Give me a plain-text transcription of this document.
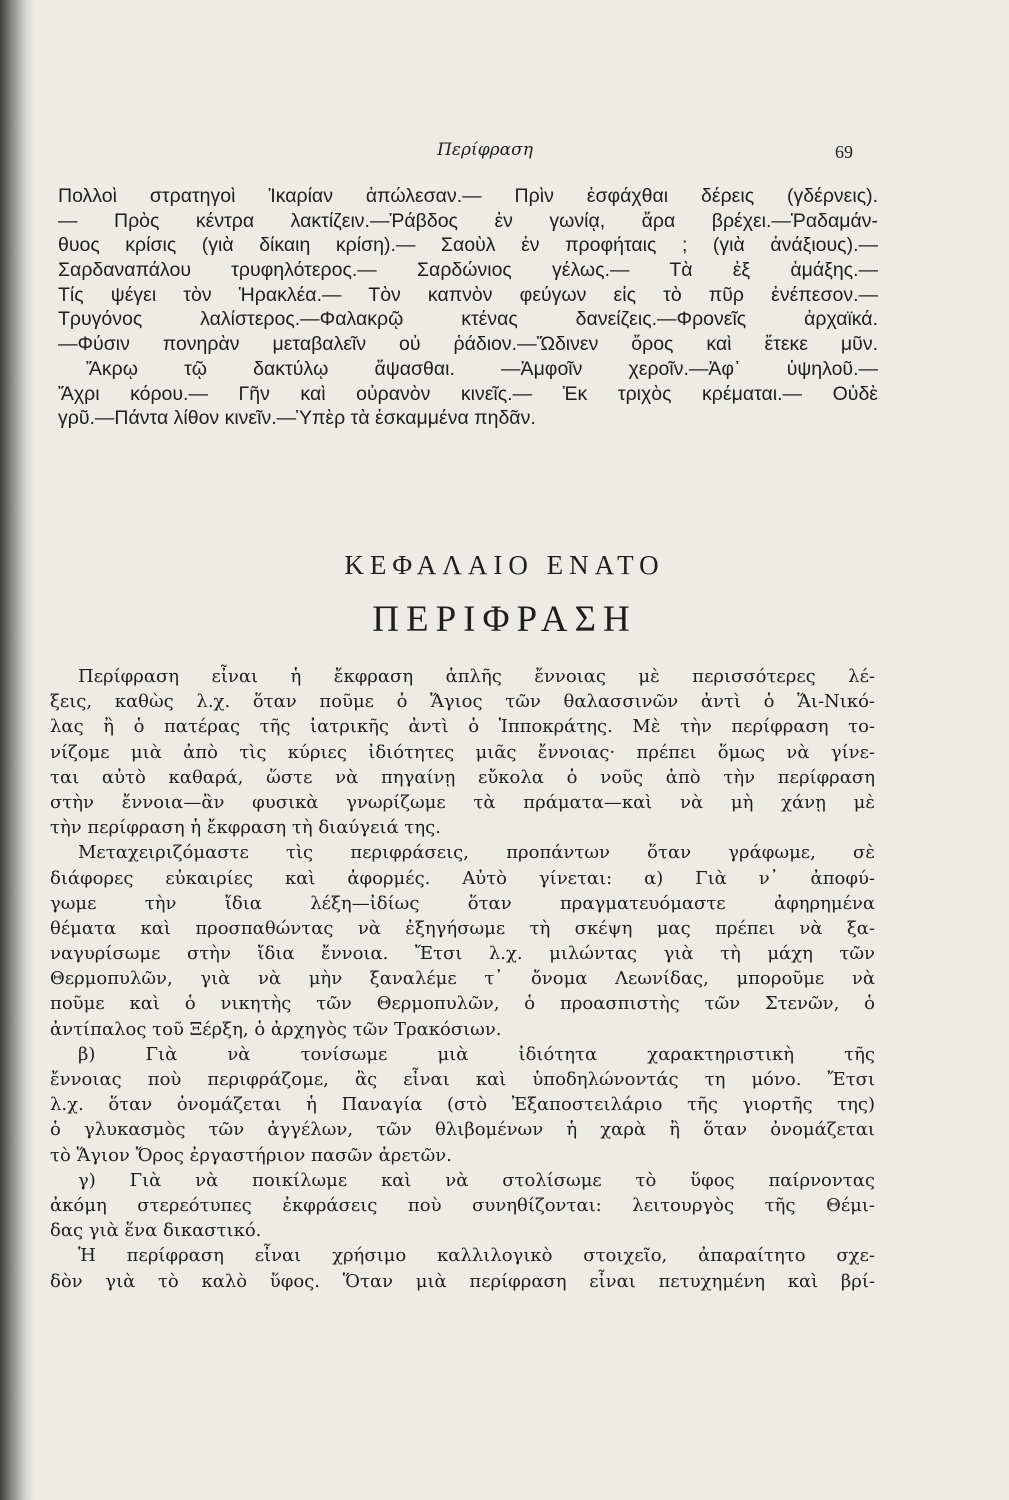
Περίφραση	69
Πολλοὶ στρατηγοὶ Ἰκαρίαν ἀπώλεσαν.— Πρὶν ἐσφάχθαι δέρεις (γδέρνεις).
— Πρὸς κέντρα λακτίζειν.—Ῥάβδος ἐν γωνίᾳ, ἄρα βρέχει.—Ῥαδαμάν-
θυος κρίσις (γιὰ δίκαιη κρίση).— Σαοὺλ ἐν προφήταις ; (γιὰ ἀνάξιους).—
Σαρδαναπάλου τρυφηλότερος.— Σαρδώνιος γέλως.— Τὰ ἐξ ἁμάξης.—
Τίς ψέγει τὸν Ἡρακλέα.— Τὸν καπνὸν φεύγων εἰς τὸ πῦρ ἐνέπεσον.—
Τρυγόνος λαλίστερος.—Φαλακρῷ κτένας δανείζεις.—Φρονεῖς ἀρχαϊκά.
—Φύσιν πονηρὰν μεταβαλεῖν οὐ ῥάδιον.—Ὤδινεν ὄρος καὶ ἔτεκε μῦν.
Ἄκρῳ τῷ δακτύλῳ ἅψασθαι. —Ἀμφοῖν χεροῖν.—Ἀφ᾽ ὑψηλοῦ.—
Ἄχρι κόρου.— Γῆν καὶ οὐρανὸν κινεῖς.— Ἐκ τριχὸς κρέμαται.— Οὐδὲ
γρῦ.—Πάντα λίθον κινεῖν.—Ὑπὲρ τὰ ἐσκαμμένα πηδᾶν.
ΚΕΦΑΛΑΙΟ ΕΝΑΤΟ
ΠΕΡΙΦΡΑΣΗ
Περίφραση εἶναι ἡ ἔκφραση ἁπλῆς ἔννοιας μὲ περισσότερες λέ-
ξεις, καθὼς λ.χ. ὅταν ποῦμε ὁ Ἅγιος τῶν θαλασσινῶν ἀντὶ ὁ Ἅι-Νικό-
λας ἢ ὁ πατέρας τῆς ἰατρικῆς ἀντὶ ὁ Ἱπποκράτης. Μὲ τὴν περίφραση το-
νίζομε μιὰ ἀπὸ τὶς κύριες ἰδιότητες μιᾶς ἔννοιας· πρέπει ὅμως νὰ γίνε-
ται αὐτὸ καθαρά, ὥστε νὰ πηγαίνῃ εὔκολα ὁ νοῦς ἀπὸ τὴν περίφραση
στὴν ἔννοια—ἂν φυσικὰ γνωρίζωμε τὰ πράματα—καὶ νὰ μὴ χάνῃ μὲ
τὴν περίφραση ἡ ἔκφραση τὴ διαύγειά της.
Μεταχειριζόμαστε τὶς περιφράσεις, προπάντων ὅταν γράφωμε, σὲ
διάφορες εὐκαιρίες καὶ ἀφορμές. Αὐτὸ γίνεται: α) Γιὰ ν᾽ ἀποφύ-
γωμε τὴν ἴδια λέξη—ἰδίως ὅταν πραγματευόμαστε ἀφηρημένα
θέματα καὶ προσπαθώντας νὰ ἐξηγήσωμε τὴ σκέψη μας πρέπει νὰ ξα-
ναγυρίσωμε στὴν ἴδια ἔννοια. Ἔτσι λ.χ. μιλώντας γιὰ τὴ μάχη τῶν
Θερμοπυλῶν, γιὰ νὰ μὴν ξαναλέμε τ᾽ ὄνομα Λεωνίδας, μποροῦμε νὰ
ποῦμε καὶ ὁ νικητὴς τῶν Θερμοπυλῶν, ὁ προασπιστὴς τῶν Στενῶν, ὁ
ἀντίπαλος τοῦ Ξέρξη, ὁ ἀρχηγὸς τῶν Τρακόσιων.
β) Γιὰ νὰ τονίσωμε μιὰ ἰδιότητα χαρακτηριστικὴ τῆς
ἔννοιας ποὺ περιφράζομε, ἂς εἶναι καὶ ὑποδηλώνοντάς τη μόνο. Ἔτσι
λ.χ. ὅταν ὀνομάζεται ἡ Παναγία (στὸ Ἐξαποστειλάριο τῆς γιορτῆς της)
ὁ γλυκασμὸς τῶν ἀγγέλων, τῶν θλιβομένων ἡ χαρὰ ἢ ὅταν ὀνομάζεται
τὸ Ἅγιον Ὄρος ἐργαστήριον πασῶν ἀρετῶν.
γ) Γιὰ νὰ ποικίλωμε καὶ νὰ στολίσωμε τὸ ὕφος παίρνοντας
ἀκόμη στερεότυπες ἐκφράσεις ποὺ συνηθίζονται: λειτουργὸς τῆς Θέμι-
δας γιὰ ἕνα δικαστικό.
Ἡ περίφραση εἶναι χρήσιμο καλλιλογικὸ στοιχεῖο, ἀπαραίτητο σχε-
δὸν γιὰ τὸ καλὸ ὕφος. Ὅταν μιὰ περίφραση εἶναι πετυχημένη καὶ βρί-
